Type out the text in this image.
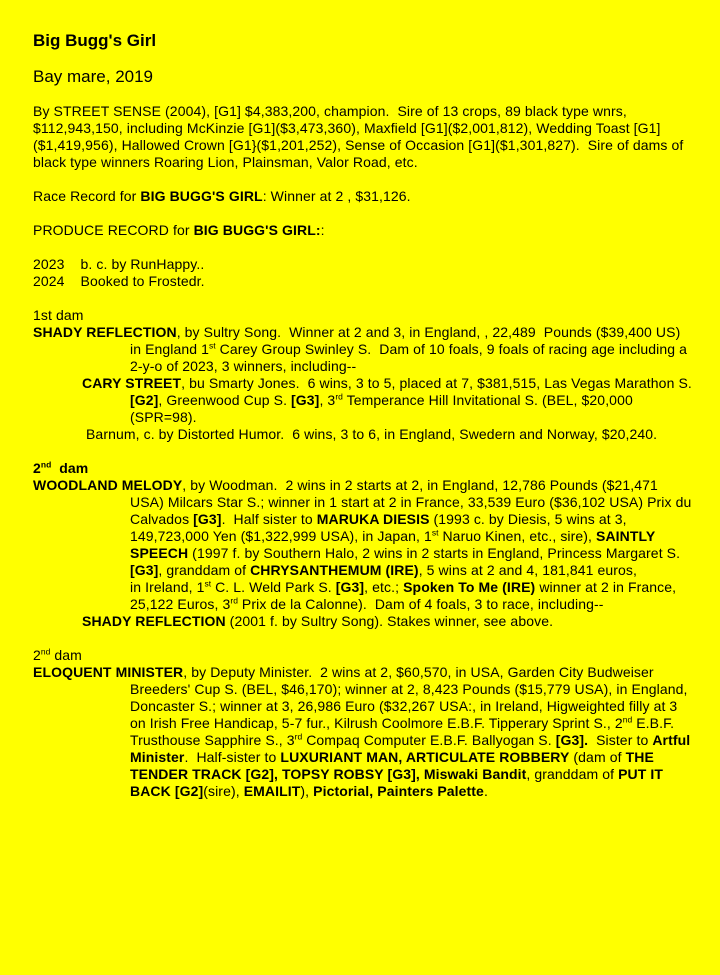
Big Bugg's Girl
Bay mare, 2019
By STREET SENSE (2004), [G1] $4,383,200, champion.  Sire of 13 crops, 89 black type wnrs,
$112,943,150, including McKinzie [G1]($3,473,360), Maxfield [G1]($2,001,812), Wedding Toast [G1]
($1,419,956), Hallowed Crown [G1}($1,201,252), Sense of Occasion [G1]($1,301,827).  Sire of dams of
black type winners Roaring Lion, Plainsman, Valor Road, etc.

Race Record for BIG BUGG'S GIRL: Winner at 2 , $31,126.

PRODUCE RECORD for BIG BUGG'S GIRL::

2023    b. c. by RunHappy..
2024    Booked to Frostedr.

1st dam
SHADY REFLECTION, by Sultry Song.  Winner at 2 and 3, in England, , 22,489  Pounds ($39,400 US)
in England 1st Carey Group Swinley S.  Dam of 10 foals, 9 foals of racing age including a
2-y-o of 2023, 3 winners, including--
CARY STREET, bu Smarty Jones.  6 wins, 3 to 5, placed at 7, $381,515, Las Vegas Marathon S.
[G2], Greenwood Cup S. [G3], 3rd Temperance Hill Invitational S. (BEL, $20,000
(SPR=98).
Barnum, c. by Distorted Humor.  6 wins, 3 to 6, in England, Swedern and Norway, $20,240.

2nd  dam
WOODLAND MELODY, by Woodman.  2 wins in 2 starts at 2, in England, 12,786 Pounds ($21,471
USA) Milcars Star S.; winner in 1 start at 2 in France, 33,539 Euro ($36,102 USA) Prix du
Calvados [G3].  Half sister to MARUKA DIESIS (1993 c. by Diesis, 5 wins at 3,
149,723,000 Yen ($1,322,999 USA), in Japan, 1st Naruo Kinen, etc., sire), SAINTLY
SPEECH (1997 f. by Southern Halo, 2 wins in 2 starts in England, Princess Margaret S.
[G3], granddam of CHRYSANTHEMUM (IRE), 5 wins at 2 and 4, 181,841 euros,
in Ireland, 1st C. L. Weld Park S. [G3], etc.; Spoken To Me (IRE) winner at 2 in France,
25,122 Euros, 3rd Prix de la Calonne).  Dam of 4 foals, 3 to race, including--
SHADY REFLECTION (2001 f. by Sultry Song). Stakes winner, see above.

2nd dam
ELOQUENT MINISTER, by Deputy Minister.  2 wins at 2, $60,570, in USA, Garden City Budweiser
Breeders' Cup S. (BEL, $46,170); winner at 2, 8,423 Pounds ($15,779 USA), in England,
Doncaster S.; winner at 3, 26,986 Euro ($32,267 USA:, in Ireland, Higweighted filly at 3
on Irish Free Handicap, 5-7 fur., Kilrush Coolmore E.B.F. Tipperary Sprint S., 2nd E.B.F.
Trusthouse Sapphire S., 3rd Compaq Computer E.B.F. Ballyogan S. [G3].  Sister to Artful
Minister.  Half-sister to LUXURIANT MAN, ARTICULATE ROBBERY (dam of THE
TENDER TRACK [G2], TOPSY ROBSY [G3], Miswaki Bandit, granddam of PUT IT
BACK [G2](sire), EMAILIT), Pictorial, Painters Palette.
